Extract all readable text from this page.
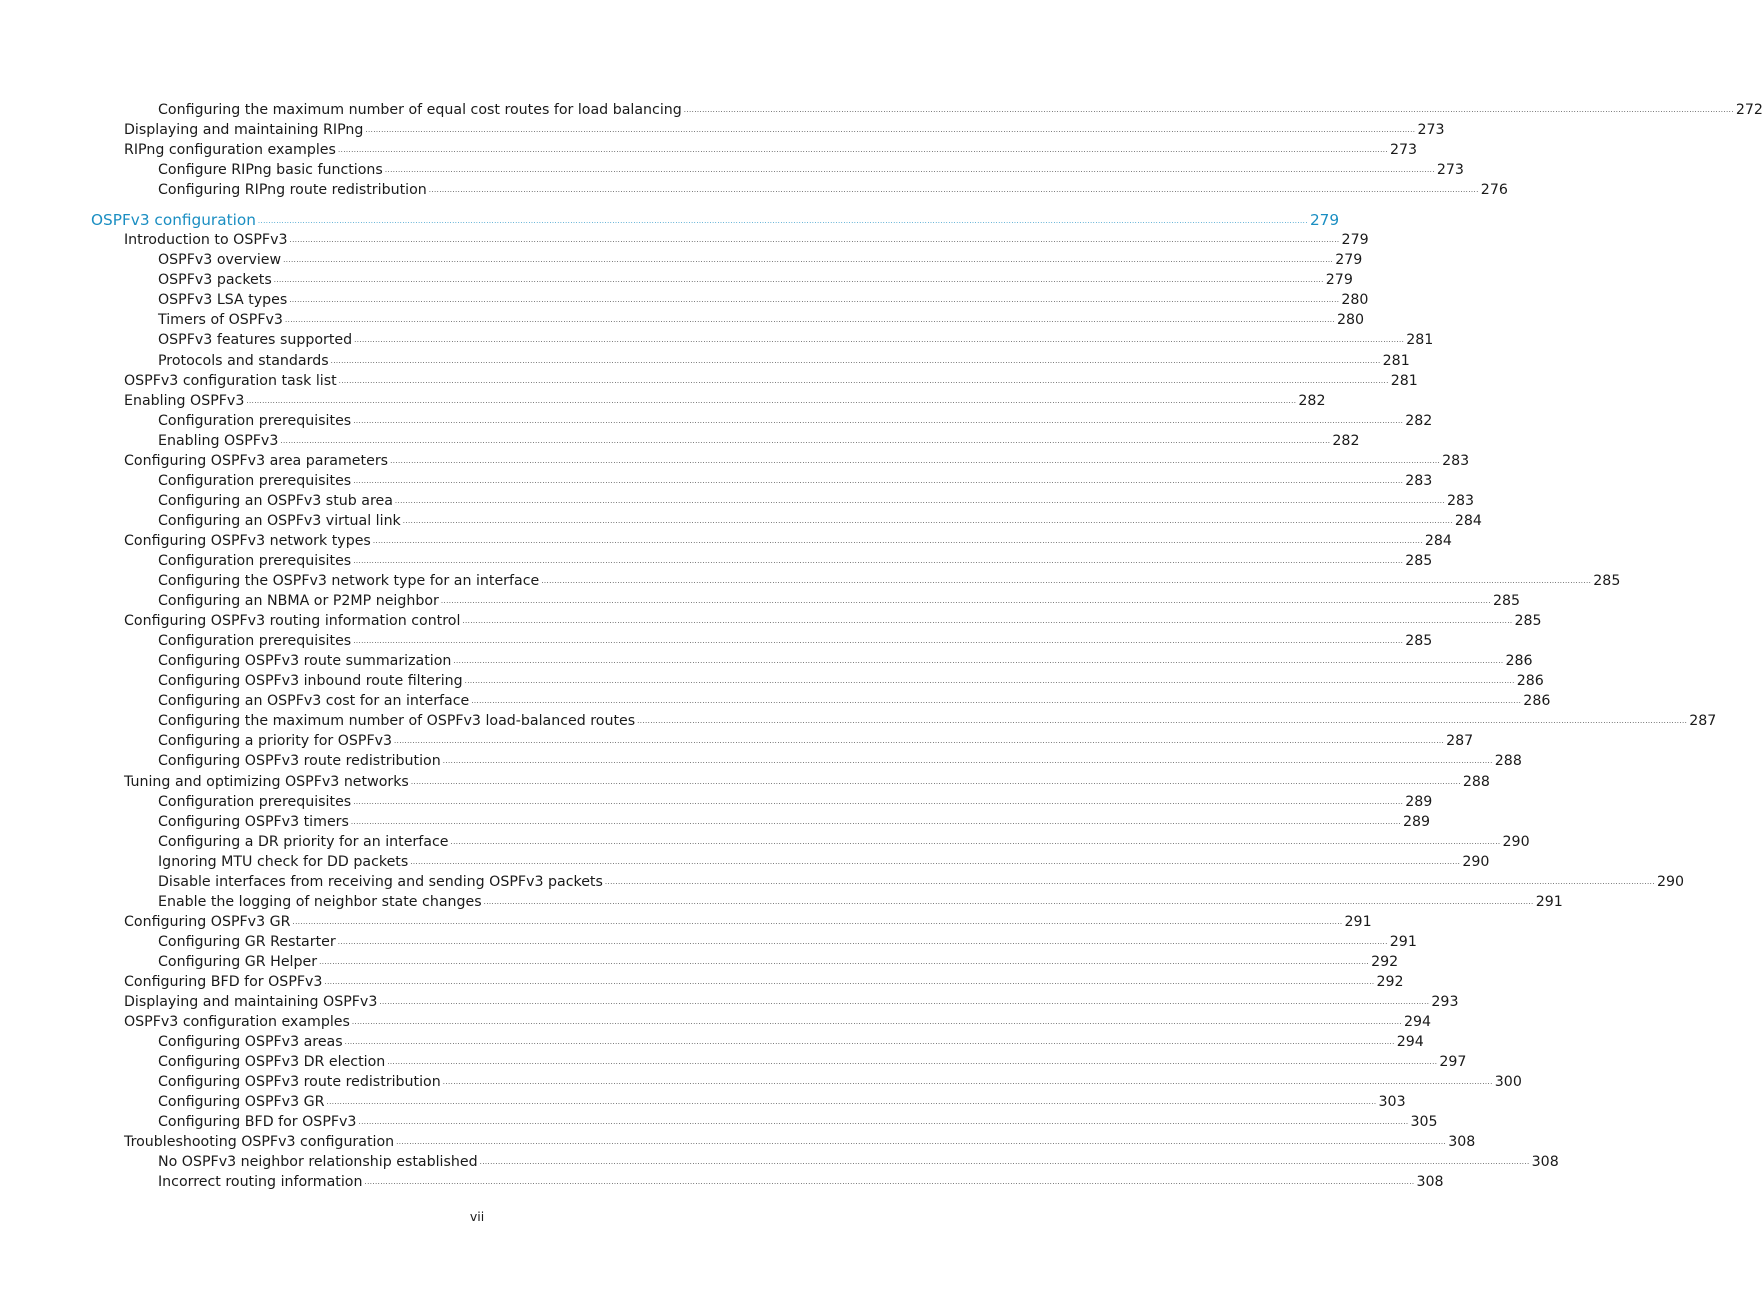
Configuring the maximum number of equal cost routes for load balancing ················································································································································································································································································································································································································ 272
Displaying and maintaining RIPng ················································································································································································································································································································································································································ 273
RIPng configuration examples ················································································································································································································································································································································································································ 273
Configure RIPng basic functions ················································································································································································································································································································································································································ 273
Configuring RIPng route redistribution ················································································································································································································································································································································································································ 276
OSPFv3 configuration ················································································································································································································································································································································································································ 279
Introduction to OSPFv3 ················································································································································································································································································································································································································ 279
OSPFv3 overview ················································································································································································································································································································································································································ 279
OSPFv3 packets ················································································································································································································································································································································································································ 279
OSPFv3 LSA types ················································································································································································································································································································································································································ 280
Timers of OSPFv3 ················································································································································································································································································································································································································ 280
OSPFv3 features supported ················································································································································································································································································································································································································ 281
Protocols and standards ················································································································································································································································································································································································································ 281
OSPFv3 configuration task list ················································································································································································································································································································································································································ 281
Enabling OSPFv3 ················································································································································································································································································································································································································ 282
Configuration prerequisites ················································································································································································································································································································································································································ 282
Enabling OSPFv3 ················································································································································································································································································································································································································ 282
Configuring OSPFv3 area parameters ················································································································································································································································································································································································································ 283
Configuration prerequisites ················································································································································································································································································································································································································ 283
Configuring an OSPFv3 stub area ················································································································································································································································································································································································································ 283
Configuring an OSPFv3 virtual link ················································································································································································································································································································································································································ 284
Configuring OSPFv3 network types ················································································································································································································································································································································································································ 284
Configuration prerequisites ················································································································································································································································································································································································································ 285
Configuring the OSPFv3 network type for an interface ················································································································································································································································································································································································································ 285
Configuring an NBMA or P2MP neighbor ················································································································································································································································································································································································································ 285
Configuring OSPFv3 routing information control ················································································································································································································································································································································································································ 285
Configuration prerequisites ················································································································································································································································································································································································································ 285
Configuring OSPFv3 route summarization ················································································································································································································································································································································································································ 286
Configuring OSPFv3 inbound route filtering ················································································································································································································································································································································································································ 286
Configuring an OSPFv3 cost for an interface ················································································································································································································································································································································································································ 286
Configuring the maximum number of OSPFv3 load-balanced routes ················································································································································································································································································································································································································ 287
Configuring a priority for OSPFv3 ················································································································································································································································································································································································································ 287
Configuring OSPFv3 route redistribution ················································································································································································································································································································································································································ 288
Tuning and optimizing OSPFv3 networks ················································································································································································································································································································································································································ 288
Configuration prerequisites ················································································································································································································································································································································································································ 289
Configuring OSPFv3 timers ················································································································································································································································································································································································································ 289
Configuring a DR priority for an interface ················································································································································································································································································································································································································ 290
Ignoring MTU check for DD packets ················································································································································································································································································································································································································ 290
Disable interfaces from receiving and sending OSPFv3 packets ················································································································································································································································································································································································································ 290
Enable the logging of neighbor state changes ················································································································································································································································································································································································································ 291
Configuring OSPFv3 GR ················································································································································································································································································································································································································ 291
Configuring GR Restarter ················································································································································································································································································································································································································ 291
Configuring GR Helper ················································································································································································································································································································································································································ 292
Configuring BFD for OSPFv3 ················································································································································································································································································································································································································ 292
Displaying and maintaining OSPFv3 ················································································································································································································································································································································································································ 293
OSPFv3 configuration examples ················································································································································································································································································································································································································ 294
Configuring OSPFv3 areas ················································································································································································································································································································································································································ 294
Configuring OSPFv3 DR election ················································································································································································································································································································································································································ 297
Configuring OSPFv3 route redistribution ················································································································································································································································································································································································································ 300
Configuring OSPFv3 GR ················································································································································································································································································································································································································ 303
Configuring BFD for OSPFv3 ················································································································································································································································································································································································································ 305
Troubleshooting OSPFv3 configuration ················································································································································································································································································································································································································ 308
No OSPFv3 neighbor relationship established ················································································································································································································································································································································································································ 308
Incorrect routing information ················································································································································································································································································································································································································ 308
vii
